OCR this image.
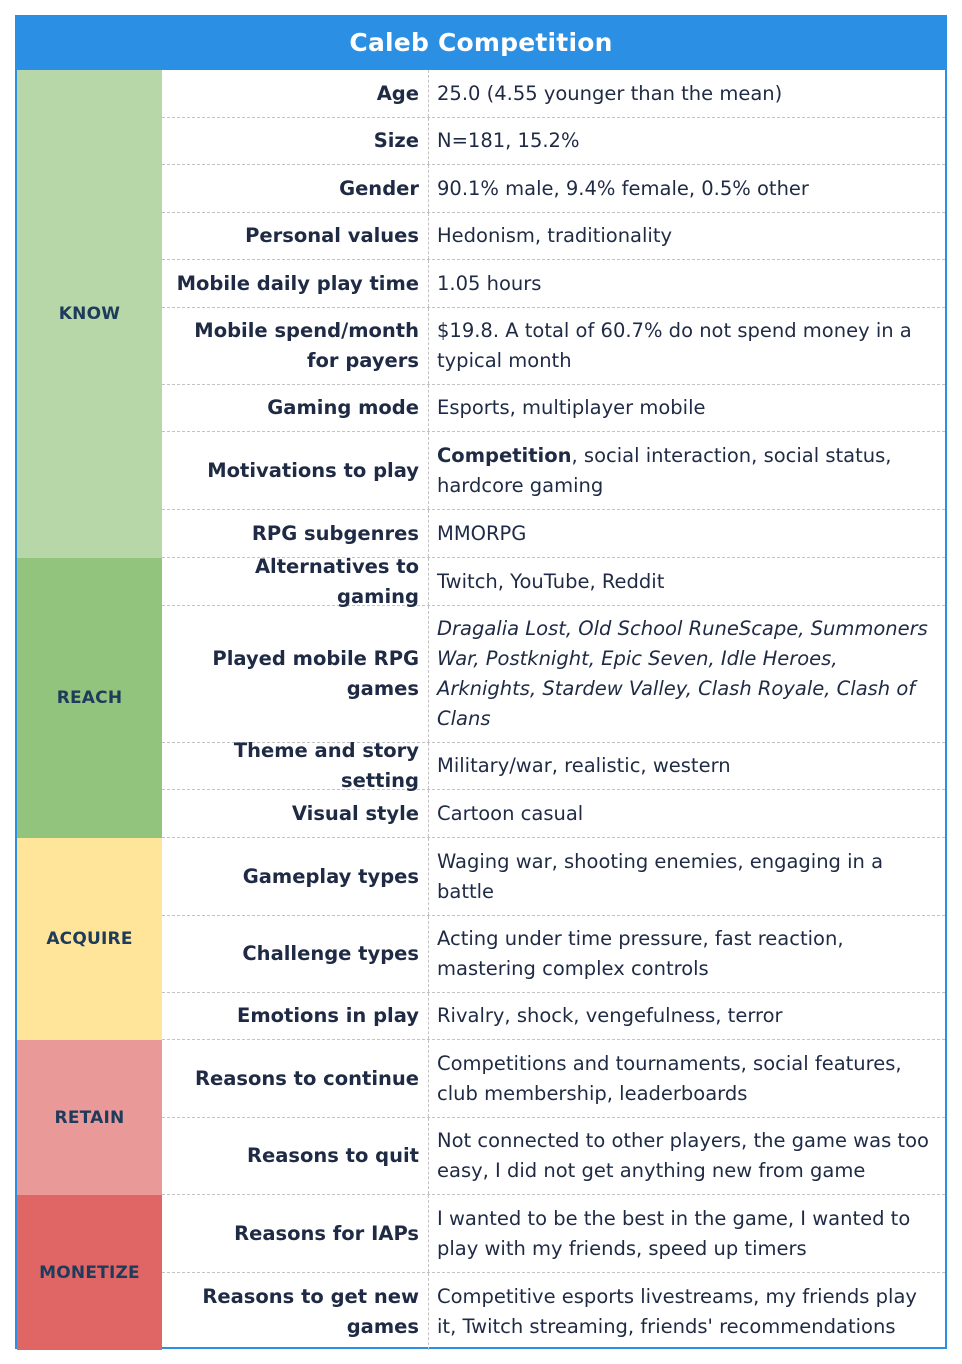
Caleb Competition
KNOW
REACH
ACQUIRE
RETAIN
MONETIZE
Age 25.0 (4.55 younger than the mean)
Size N=181, 15.2%
Gender 90.1% male, 9.4% female, 0.5% other
Personal values Hedonism, traditionality
Mobile daily play time 1.05 hours
Mobile spend/month for payers
$19.8. A total of 60.7% do not spend money in a typical month
Gaming mode Esports, multiplayer mobile
Motivations to play
Competition, social interaction, social status, hardcore gaming
RPG subgenres MMORPG
Alternatives to gaming
Twitch, YouTube, Reddit
Played mobile RPG games
Dragalia Lost, Old School RuneScape, Summoners War, Postknight, Epic Seven, Idle Heroes, Arknights, Stardew Valley, Clash Royale, Clash of Clans
Theme and story setting
Military/war, realistic, western
Visual style Cartoon casual
Gameplay types
Waging war, shooting enemies, engaging in a battle
Challenge types
Acting under time pressure, fast reaction, mastering complex controls
Emotions in play Rivalry, shock, vengefulness, terror
Reasons to continue
Competitions and tournaments, social features, club membership, leaderboards
Reasons to quit
Not connected to other players, the game was too easy, I did not get anything new from game
Reasons for IAPs
I wanted to be the best in the game, I wanted to play with my friends, speed up timers
Reasons to get new games
Competitive esports livestreams, my friends play it, Twitch streaming, friends' recommendations
